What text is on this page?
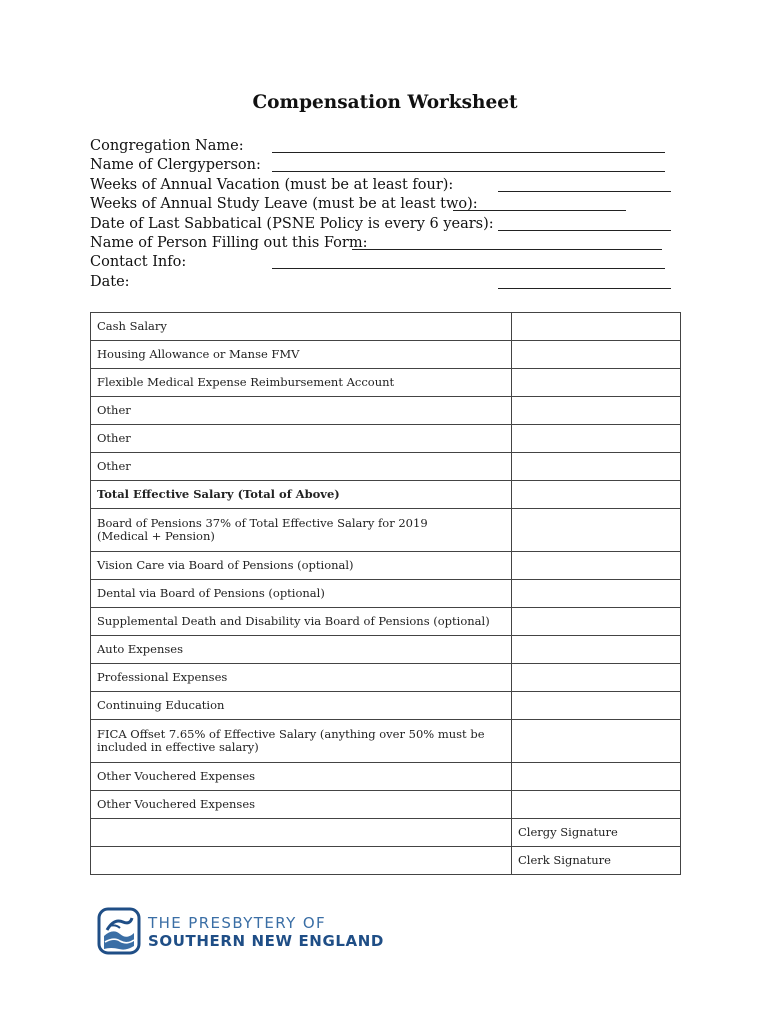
Compensation Worksheet
Congregation Name:
Name of Clergyperson:
Weeks of Annual Vacation (must be at least four):
Weeks of Annual Study Leave (must be at least two):
Date of Last Sabbatical (PSNE Policy is every 6 years):
Name of Person Filling out this Form:
Contact Info:
Date:
Cash Salary	
Housing Allowance or Manse FMV	
Flexible Medical Expense Reimbursement Account	
Other	
Other	
Other	
Total Effective Salary (Total of Above)	
Board of Pensions 37% of Total Effective Salary for 2019
(Medical + Pension)	
Vision Care via Board of Pensions (optional)	
Dental via Board of Pensions (optional)	
Supplemental Death and Disability via Board of Pensions (optional)	
Auto Expenses	
Professional Expenses	
Continuing Education	
FICA Offset 7.65% of Effective Salary (anything over 50% must be
included in effective salary)	
Other Vouchered Expenses	
Other Vouchered Expenses	
	Clergy Signature
	Clerk Signature
THE PRESBYTERY OF
SOUTHERN NEW ENGLAND
